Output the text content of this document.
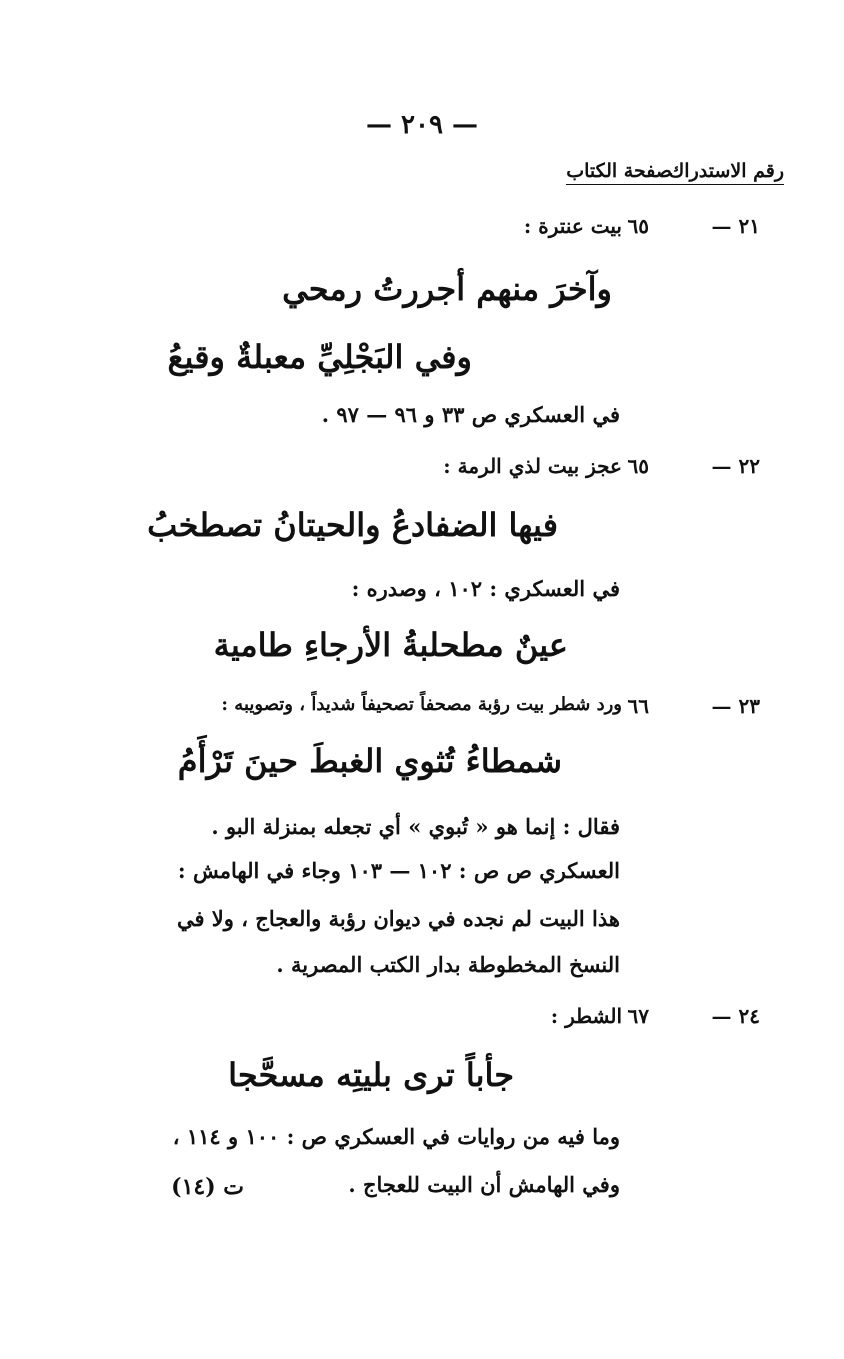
— ٢٠٩ —
رقم الاستدراك
صفحة الكتاب
٢١ —
٦٥
بيت عنترة :
وآخرَ منهم أجررتُ رمحي
وفي البَجْلِيِّ معبلةٌ وقيعُ
في العسكري ص ٣٣ و ٩٦ — ٩٧ .
٢٢ —
٦٥
عجز بيت لذي الرمة :
فيها الضفادعُ والحيتانُ تصطخبُ
في العسكري : ١٠٢ ، وصدره :
عينٌ مطحلبةُ الأرجاءِ طامية
٢٣ —
٦٦
ورد شطر بيت رؤبة مصحفاً تصحيفاً شديداً ، وتصويبه :
شمطاءُ تُثوي الغبطَ حينَ تَرْأَمُ
فقال : إنما هو « تُبوي » أي تجعله بمنزلة البو .
العسكري ص ص : ١٠٢ — ١٠٣ وجاء في الهامش :
هذا البيت لم نجده في ديوان رؤبة والعجاج ، ولا في
النسخ المخطوطة بدار الكتب المصرية .
٢٤ —
٦٧
الشطر :
جأباً ترى بليتِه مسحَّجا
وما فيه من روايات في العسكري ص : ١٠٠ و ١١٤ ،
وفي الهامش أن البيت للعجاج .
ت (١٤)
